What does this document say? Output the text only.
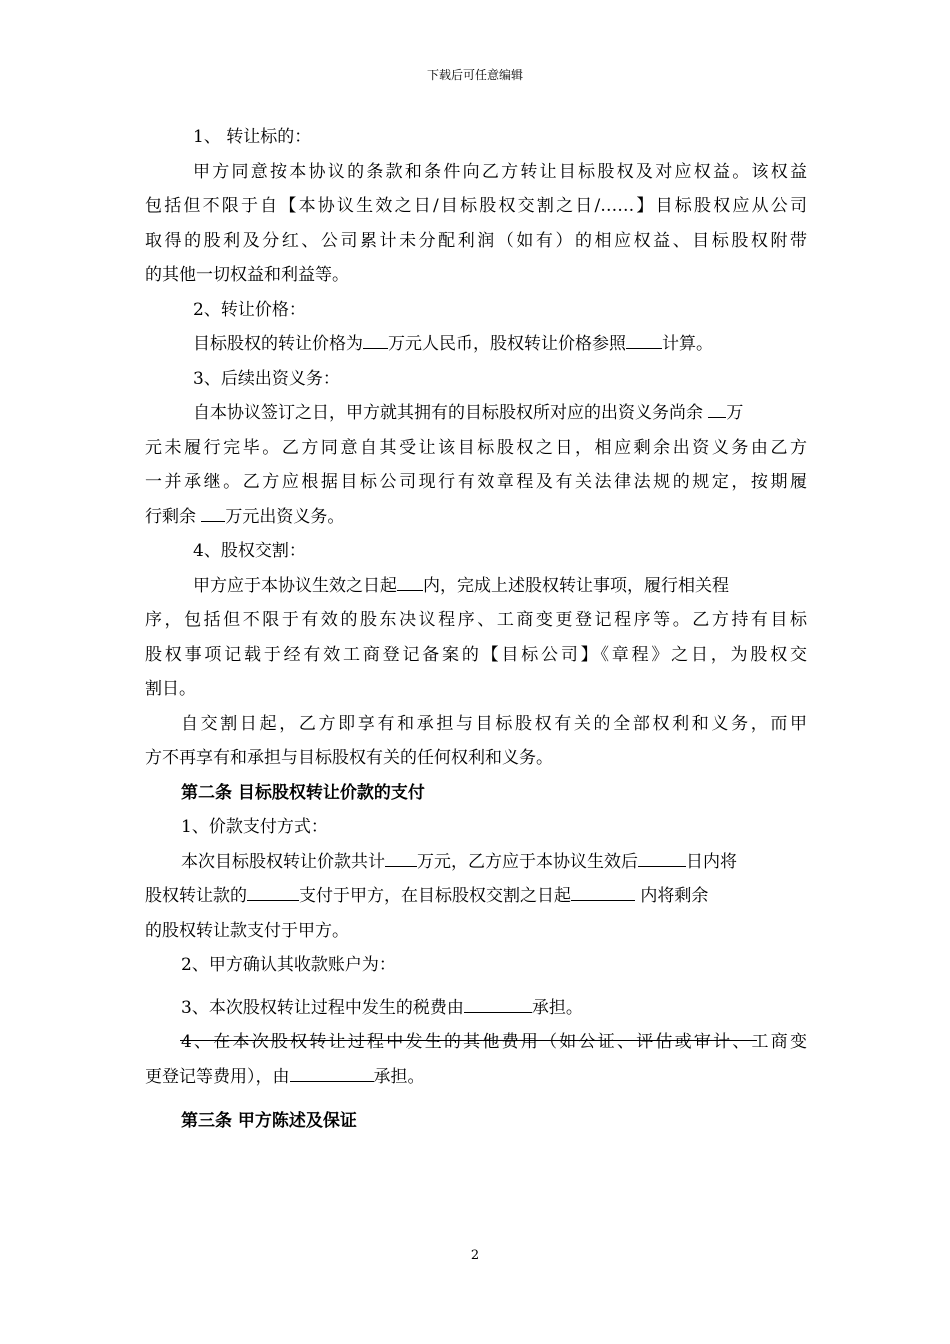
下载后可任意编辑
1、 转让标的：
甲方同意按本协议的条款和条件向乙方转让目标股权及对应权益。该权益
包括但不限于自【本协议生效之日/目标股权交割之日/……】目标股权应从公司
取得的股利及分红、公司累计未分配利润（如有）的相应权益、目标股权附带
的其他一切权益和利益等。
2、转让价格：
目标股权的转让价格为 万元人民币，股权转让价格参照 计算。
3、后续出资义务：
自本协议签订之日，甲方就其拥有的目标股权所对应的出资义务尚余 万
元未履行完毕。乙方同意自其受让该目标股权之日，相应剩余出资义务由乙方
一并承继。乙方应根据目标公司现行有效章程及有关法律法规的规定，按期履
行剩余 万元出资义务。
4、股权交割：
甲方应于本协议生效之日起 内，完成上述股权转让事项，履行相关程
序，包括但不限于有效的股东决议程序、工商变更登记程序等。乙方持有目标
股权事项记载于经有效工商登记备案的【目标公司】《章程》之日，为股权交
割日。
自交割日起，乙方即享有和承担与目标股权有关的全部权利和义务，而甲
方不再享有和承担与目标股权有关的任何权利和义务。
第二条 目标股权转让价款的支付
1、价款支付方式：
本次目标股权转让价款共计 万元，乙方应于本协议生效后	日内将
股权转让款的	支付于甲方，在目标股权交割之日起	内将剩余
的股权转让款支付于甲方。
2、甲方确认其收款账户为：
3、本次股权转让过程中发生的税费由	承担。
4、在本次股权转让过程中发生的其他费用（如公证、评估或审计、工商变
更登记等费用），由	承担。
第三条 甲方陈述及保证
2
